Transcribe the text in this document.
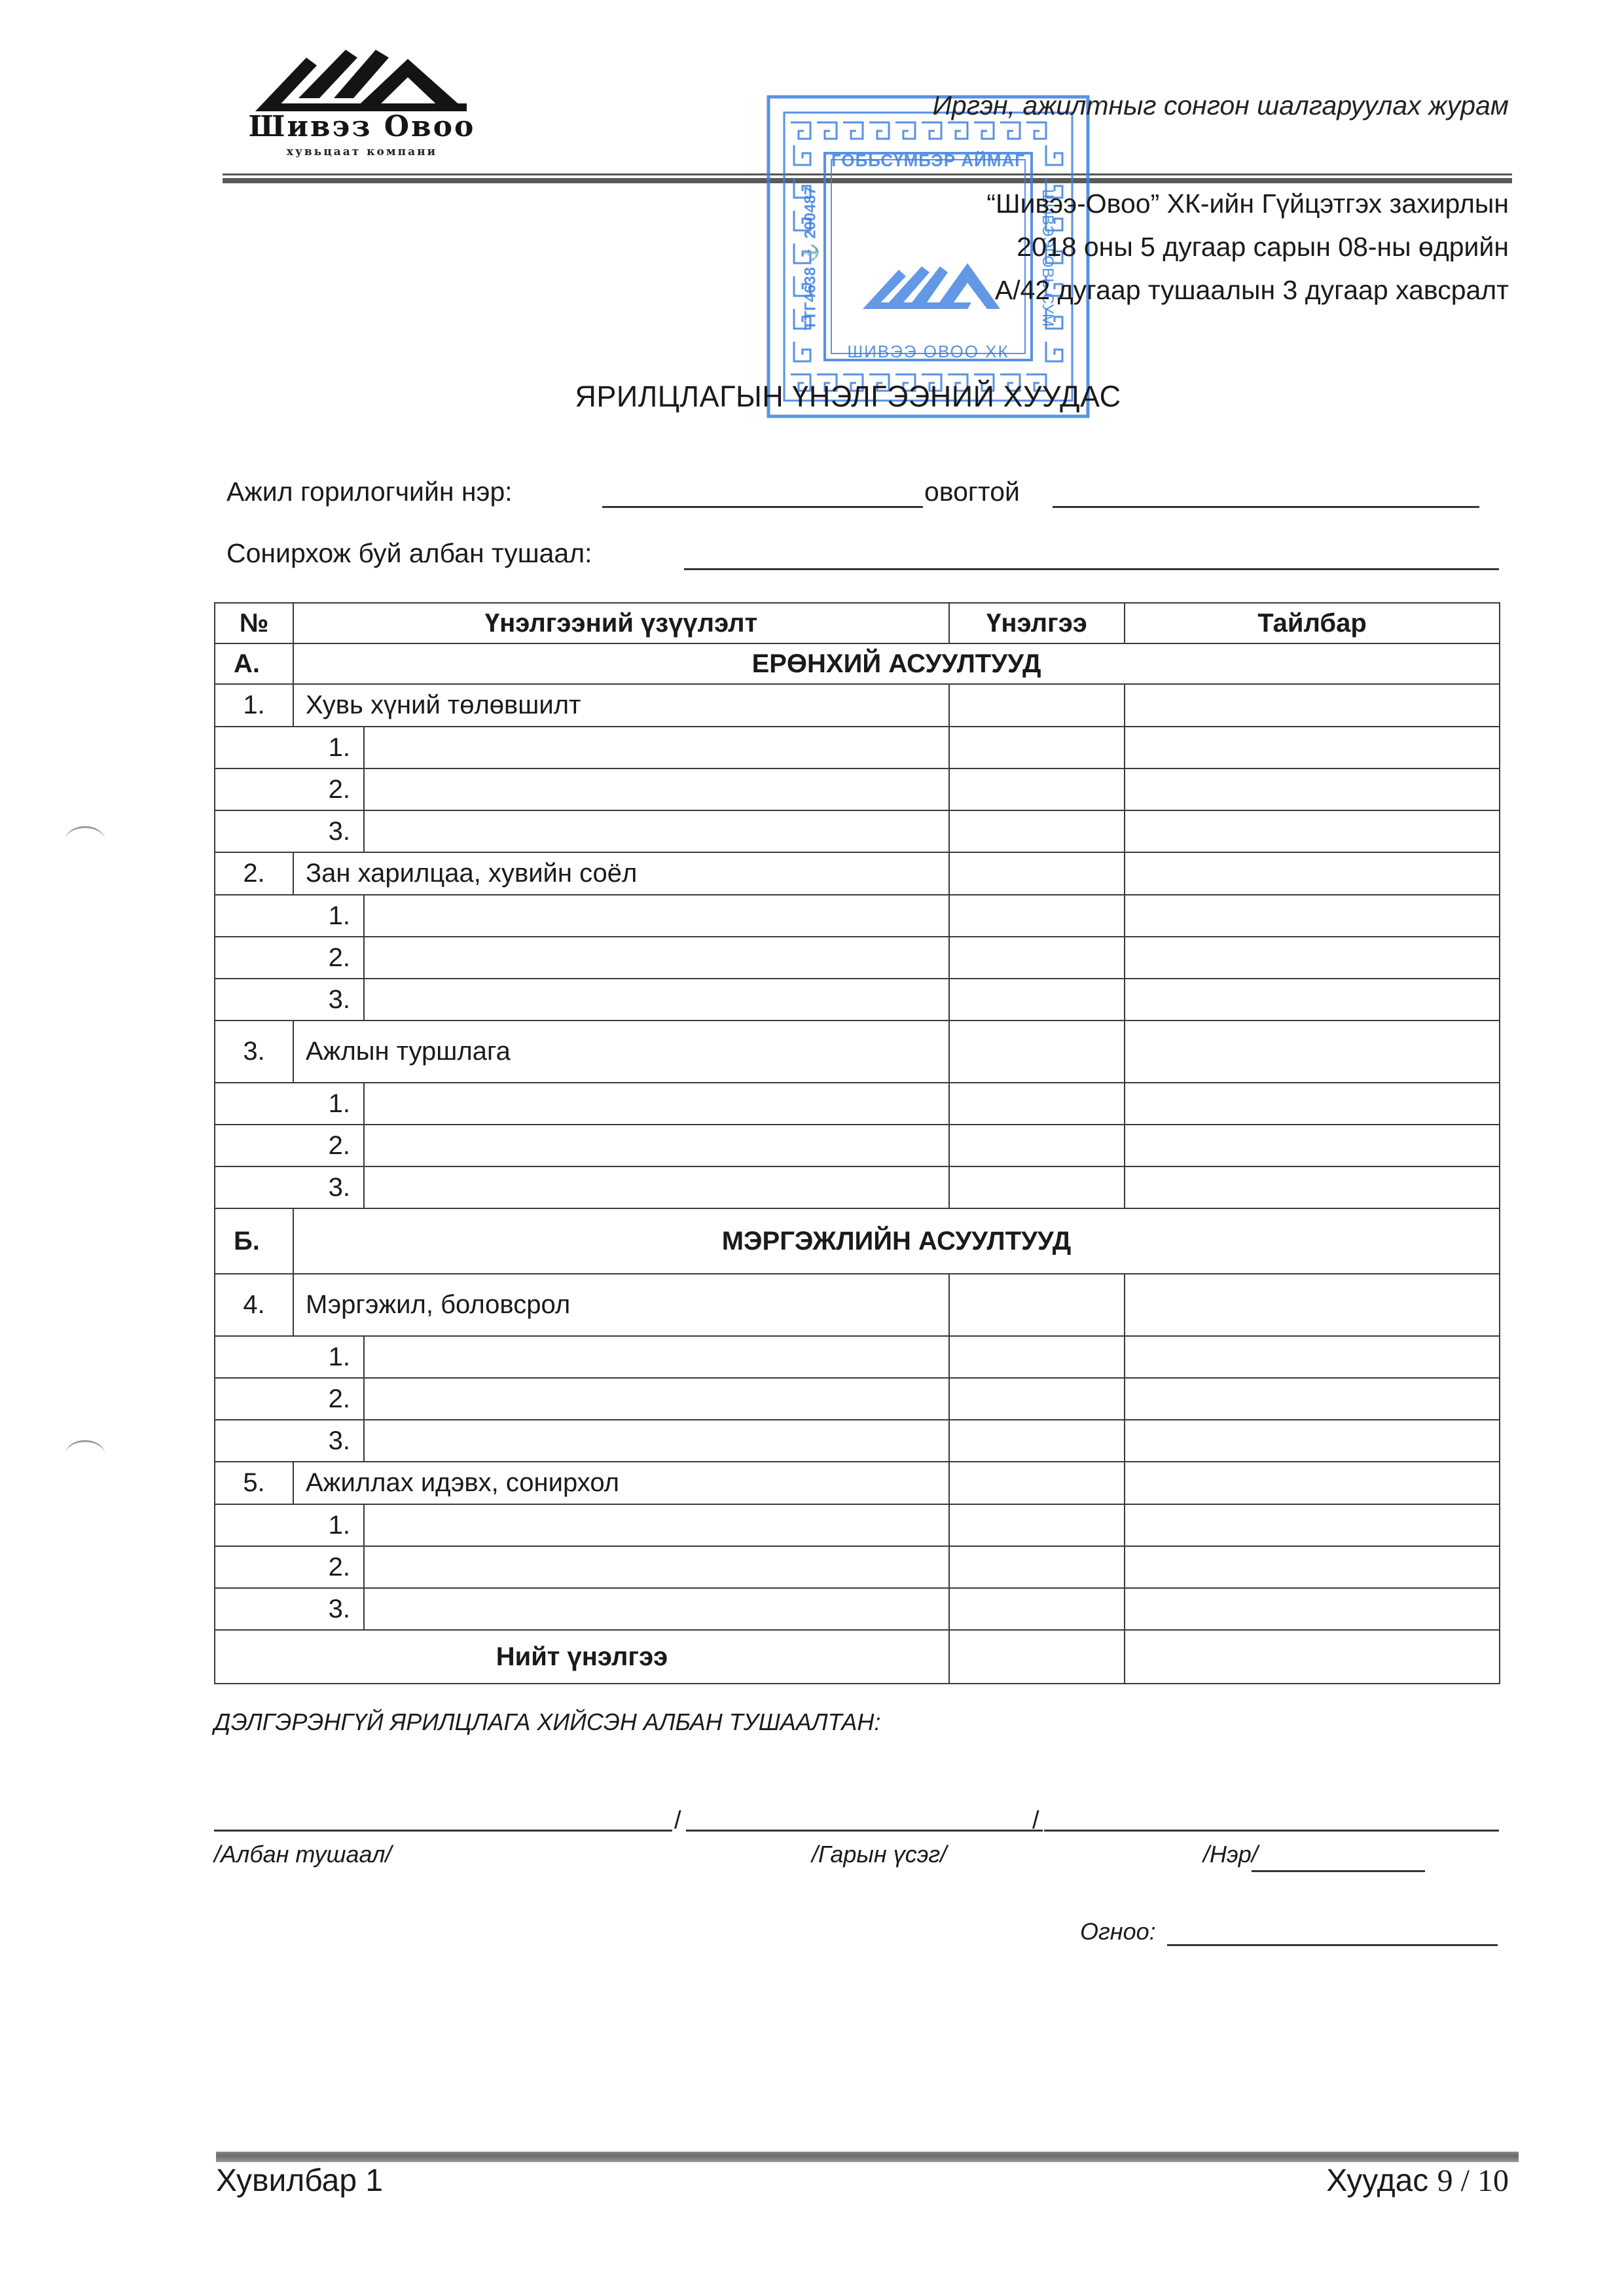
Шивэз Овоо
хувьцаат компани	ГОБЬСҮМБЭР АЙМАГ
ШИВЭЭ ОВОО ХК
ТТГ4638 ⚓ 200487	ШИВЭЭГОВЬ СУМ
Иргэн, ажилтныг сонгон шалгаруулах журам
“Шивээ-Овоо” ХК-ийн Гүйцэтгэх захирлын
2018 оны 5 дугаар сарын 08-ны өдрийн
А/42 дугаар тушаалын 3 дугаар хавсралт
ЯРИЛЦЛАГЫН ҮНЭЛГЭЭНИЙ ХУУДАС
Ажил горилогчийн нэр:	овогтой
Сонирхож буй албан тушаал:
№	Үнэлгээний үзүүлэлт		Үнэлгээ	Тайлбар
А.	ЕРӨНХИЙ АСУУЛТУУД			
1.	Хувь хүний төлөвшилт			
1.				
2.				
3.				
2.	Зан харилцаа, хувийн соёл			
1.				
2.				
3.				
3.	Ажлын туршлага			
1.				
2.				
3.				
Б.	МЭРГЭЖЛИЙН АСУУЛТУУД			
4.	Мэргэжил, боловсрол			
1.				
2.				
3.				
5.	Ажиллах идэвх, сонирхол			
1.				
2.				
3.				
Нийт үнэлгээ				
ДЭЛГЭРЭНГҮЙ ЯРИЛЦЛАГА ХИЙСЭН АЛБАН ТУШААЛТАН:
/	/
/Албан тушаал/	/Гарын үсэг/	/Нэр/
Огноо:
Хувилбар 1	Хуудас 9 / 10
